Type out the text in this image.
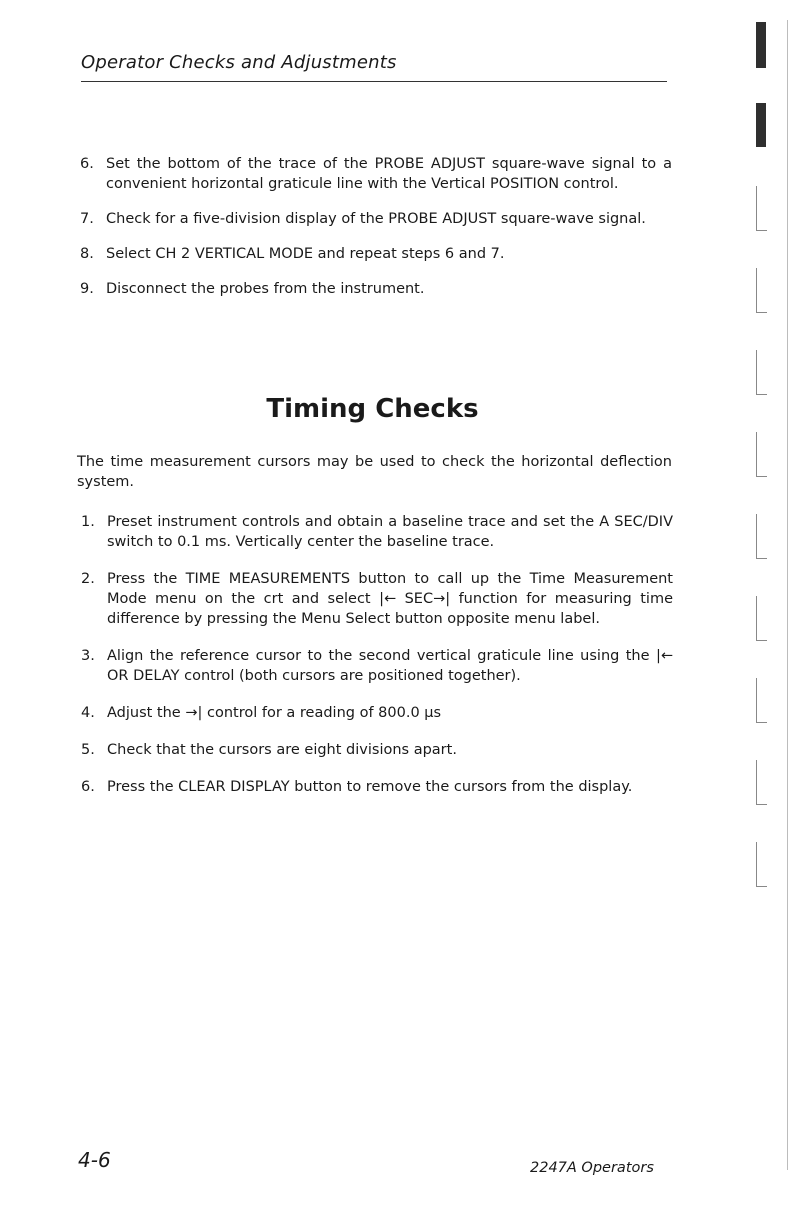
Operator Checks and Adjustments
6. Set the bottom of the trace of the PROBE ADJUST square-wave signal to a convenient horizontal graticule line with the Vertical POSITION control.
7. Check for a five-division display of the PROBE ADJUST square-wave signal.
8. Select CH 2 VERTICAL MODE and repeat steps 6 and 7.
9. Disconnect the probes from the instrument.
Timing Checks
The time measurement cursors may be used to check the horizontal deflection system.
1. Preset instrument controls and obtain a baseline trace and set the A SEC/DIV switch to 0.1 ms. Vertically center the baseline trace.
2. Press the TIME MEASUREMENTS button to call up the Time Measurement Mode menu on the crt and select |← SEC→| function for measuring time difference by pressing the Menu Select button opposite menu label.
3. Align the reference cursor to the second vertical graticule line using the |← OR DELAY control (both cursors are positioned together).
4. Adjust the →| control for a reading of 800.0 µs
5. Check that the cursors are eight divisions apart.
6. Press the CLEAR DISPLAY button to remove the cursors from the display.
4-6	2247A Operators
